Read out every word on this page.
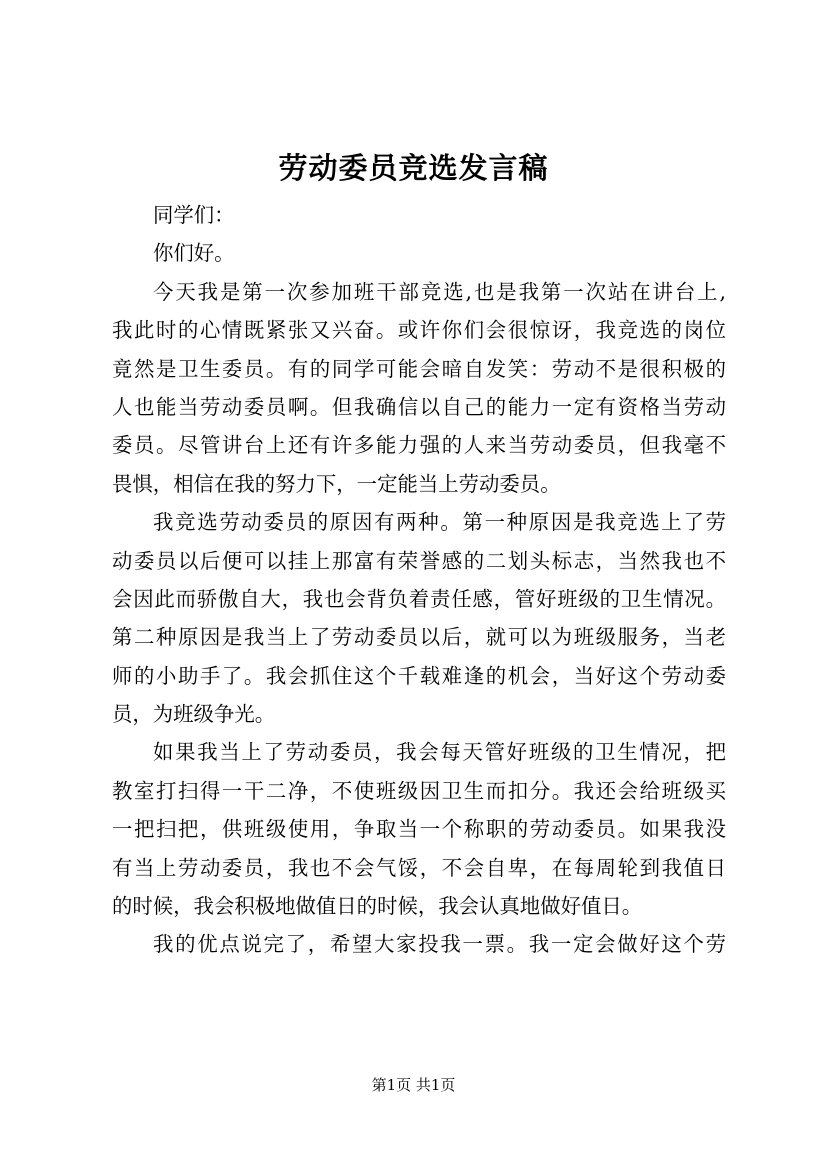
劳动委员竞选发言稿
同学们：
你们好。
今天我是第一次参加班干部竞选,也是我第一次站在讲台上,
我此时的心情既紧张又兴奋。或许你们会很惊讶，我竞选的岗位
竟然是卫生委员。有的同学可能会暗自发笑：劳动不是很积极的
人也能当劳动委员啊。但我确信以自己的能力一定有资格当劳动
委员。尽管讲台上还有许多能力强的人来当劳动委员，但我毫不
畏惧，相信在我的努力下，一定能当上劳动委员。
我竞选劳动委员的原因有两种。第一种原因是我竞选上了劳
动委员以后便可以挂上那富有荣誉感的二划头标志，当然我也不
会因此而骄傲自大，我也会背负着责任感，管好班级的卫生情况。
第二种原因是我当上了劳动委员以后，就可以为班级服务，当老
师的小助手了。我会抓住这个千载难逢的机会，当好这个劳动委
员，为班级争光。
如果我当上了劳动委员，我会每天管好班级的卫生情况，把
教室打扫得一干二净，不使班级因卫生而扣分。我还会给班级买
一把扫把，供班级使用，争取当一个称职的劳动委员。如果我没
有当上劳动委员，我也不会气馁，不会自卑，在每周轮到我值日
的时候，我会积极地做值日的时候，我会认真地做好值日。
我的优点说完了，希望大家投我一票。我一定会做好这个劳
第1页 共1页
